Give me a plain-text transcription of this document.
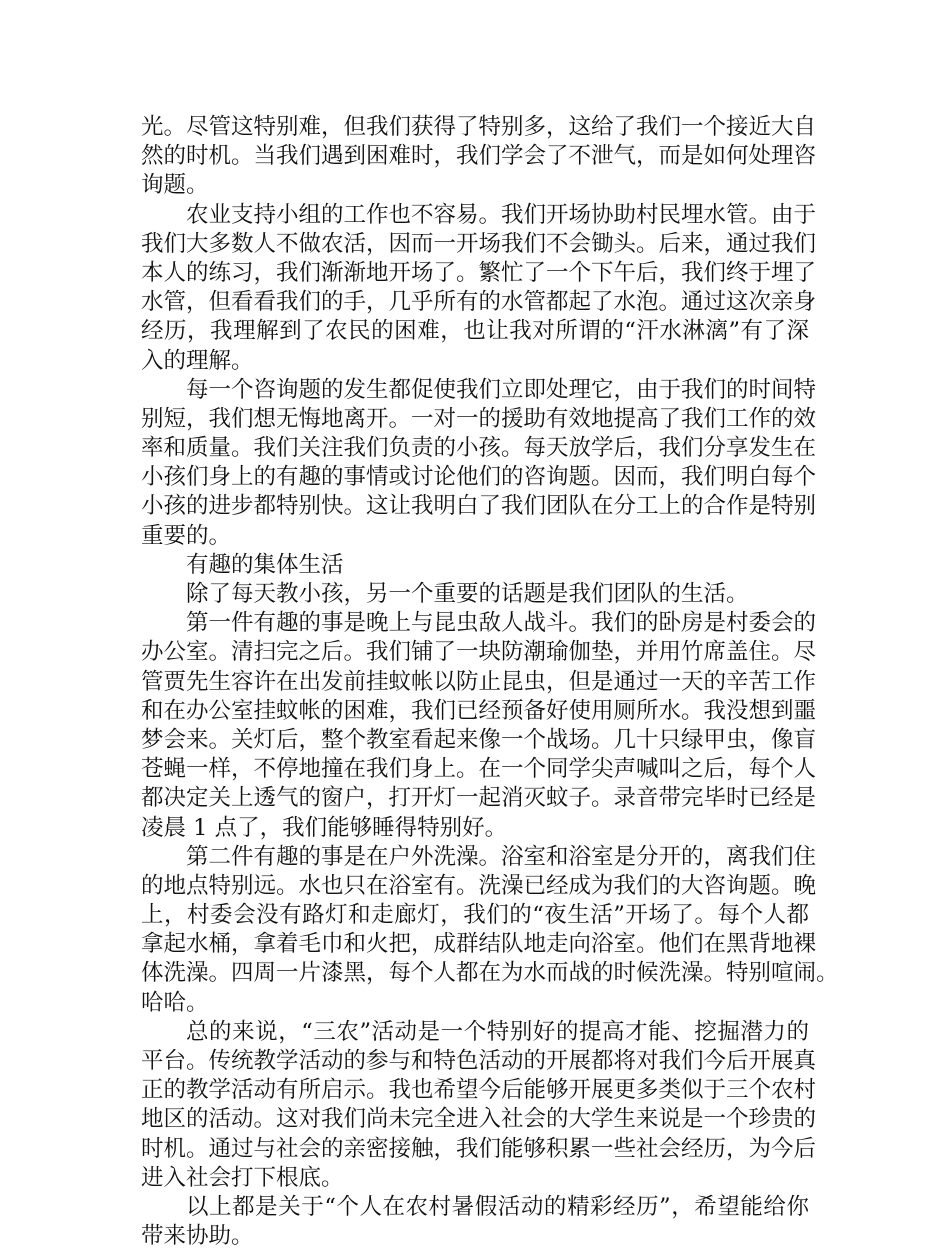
光。尽管这特别难，但我们获得了特别多，这给了我们一个接近大自
然的时机。当我们遇到困难时，我们学会了不泄气，而是如何处理咨
询题。
农业支持小组的工作也不容易。我们开场协助村民埋水管。由于
我们大多数人不做农活，因而一开场我们不会锄头。后来，通过我们
本人的练习，我们渐渐地开场了。繁忙了一个下午后，我们终于埋了
水管，但看看我们的手，几乎所有的水管都起了水泡。通过这次亲身
经历，我理解到了农民的困难，也让我对所谓的“汗水淋漓”有了深
入的理解。
每一个咨询题的发生都促使我们立即处理它，由于我们的时间特
别短，我们想无悔地离开。一对一的援助有效地提高了我们工作的效
率和质量。我们关注我们负责的小孩。每天放学后，我们分享发生在
小孩们身上的有趣的事情或讨论他们的咨询题。因而，我们明白每个
小孩的进步都特别快。这让我明白了我们团队在分工上的合作是特别
重要的。
有趣的集体生活
除了每天教小孩，另一个重要的话题是我们团队的生活。
第一件有趣的事是晚上与昆虫敌人战斗。我们的卧房是村委会的
办公室。清扫完之后。我们铺了一块防潮瑜伽垫，并用竹席盖住。尽
管贾先生容许在出发前挂蚊帐以防止昆虫，但是通过一天的辛苦工作
和在办公室挂蚊帐的困难，我们已经预备好使用厕所水。我没想到噩
梦会来。关灯后，整个教室看起来像一个战场。几十只绿甲虫，像盲
苍蝇一样，不停地撞在我们身上。在一个同学尖声喊叫之后，每个人
都决定关上透气的窗户，打开灯一起消灭蚊子。录音带完毕时已经是
凌晨 1 点了，我们能够睡得特别好。
第二件有趣的事是在户外洗澡。浴室和浴室是分开的，离我们住
的地点特别远。水也只在浴室有。洗澡已经成为我们的大咨询题。晚
上，村委会没有路灯和走廊灯，我们的“夜生活”开场了。每个人都
拿起水桶，拿着毛巾和火把，成群结队地走向浴室。他们在黑背地裸
体洗澡。四周一片漆黑，每个人都在为水而战的时候洗澡。特别喧闹。
哈哈。
总的来说，“三农”活动是一个特别好的提高才能、挖掘潜力的
平台。传统教学活动的参与和特色活动的开展都将对我们今后开展真
正的教学活动有所启示。我也希望今后能够开展更多类似于三个农村
地区的活动。这对我们尚未完全进入社会的大学生来说是一个珍贵的
时机。通过与社会的亲密接触，我们能够积累一些社会经历，为今后
进入社会打下根底。
以上都是关于“个人在农村暑假活动的精彩经历”，希望能给你
带来协助。
